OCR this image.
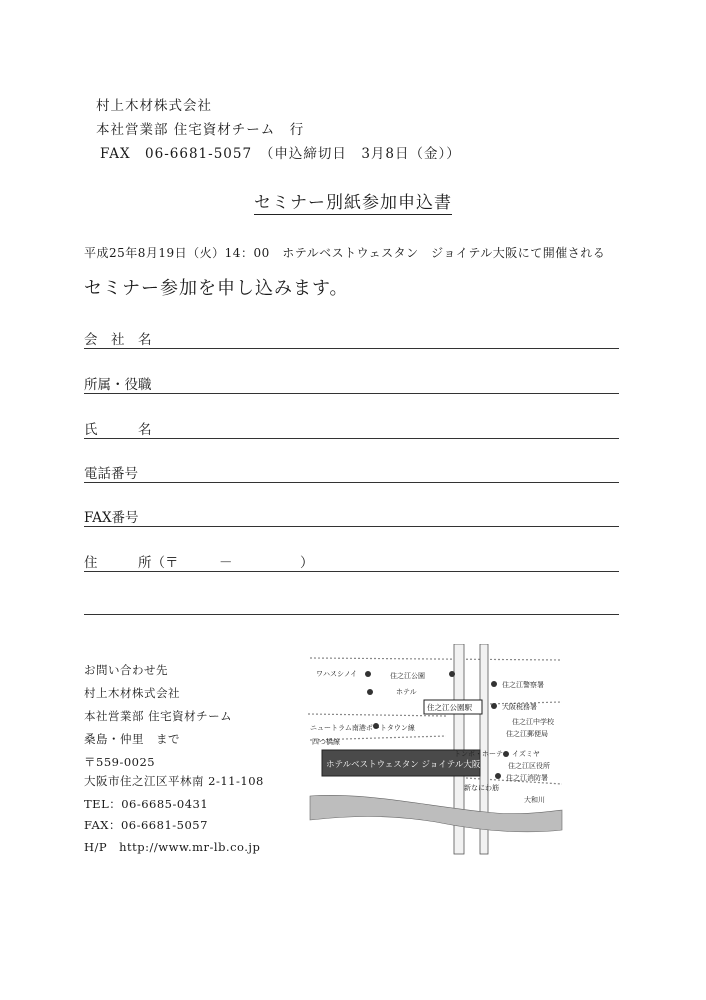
村上木材株式会社
本社営業部 住宅資材チーム　行
FAX　06-6681-5057　（申込締切日　3月8日（金））
セミナー別紙参加申込書
平成25年8月19日（火）14：00　ホテルベストウェスタン　ジョイテル大阪にて開催される
セミナー参加を申し込みます。
会　社　名
所属・役職
氏　　　名
電話番号
FAX番号
住　　　所（〒　　　－　　　　　）
お問い合わせ先
村上木材株式会社
本社営業部 住宅資材チーム
桑島・仲里　まで
〒559-0025
大阪市住之江区平林南 2-11-108
TEL：06-6685-0431
FAX：06-6681-5057
H/P　http://www.mr-lb.co.jp
ホテルベストウェスタン ジョイテル大阪
住之江公園駅
ワハスシノイ	住之江公園
ホテル
ニュートラム南港ポートタウン線
四つ橋線
住之江警察署
大阪税務署
住之江郵便局
トンボ・ホーテ イズミヤ
新なにわ筋
大和川
住之江消防署
住之江中学校
住之江区役所
